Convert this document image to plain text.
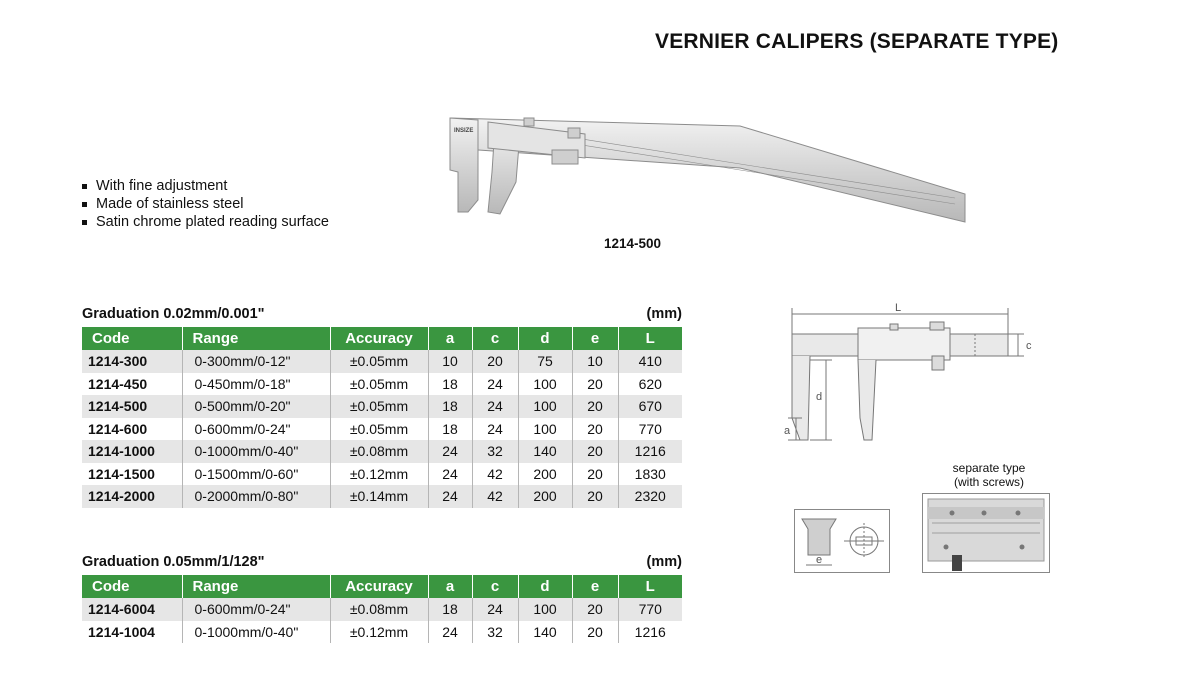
VERNIER CALIPERS (SEPARATE TYPE)
With fine adjustment
Made of stainless steel
Satin chrome plated reading surface
INSIZE
1214-500
Graduation 0.02mm/0.001"	(mm)
Code	Range	Accuracy	a	c	d	e	L
1214-300	0-300mm/0-12"	±0.05mm	10	20	75	10	410
1214-450	0-450mm/0-18"	±0.05mm	18	24	100	20	620
1214-500	0-500mm/0-20"	±0.05mm	18	24	100	20	670
1214-600	0-600mm/0-24"	±0.05mm	18	24	100	20	770
1214-1000	0-1000mm/0-40"	±0.08mm	24	32	140	20	1216
1214-1500	0-1500mm/0-60"	±0.12mm	24	42	200	20	1830
1214-2000	0-2000mm/0-80"	±0.14mm	24	42	200	20	2320
Graduation 0.05mm/1/128"	(mm)
Code	Range	Accuracy	a	c	d	e	L
1214-6004	0-600mm/0-24"	±0.08mm	18	24	100	20	770
1214-1004	0-1000mm/0-40"	±0.12mm	24	32	140	20	1216
L
c
d
a
separate type
(with screws)
e
